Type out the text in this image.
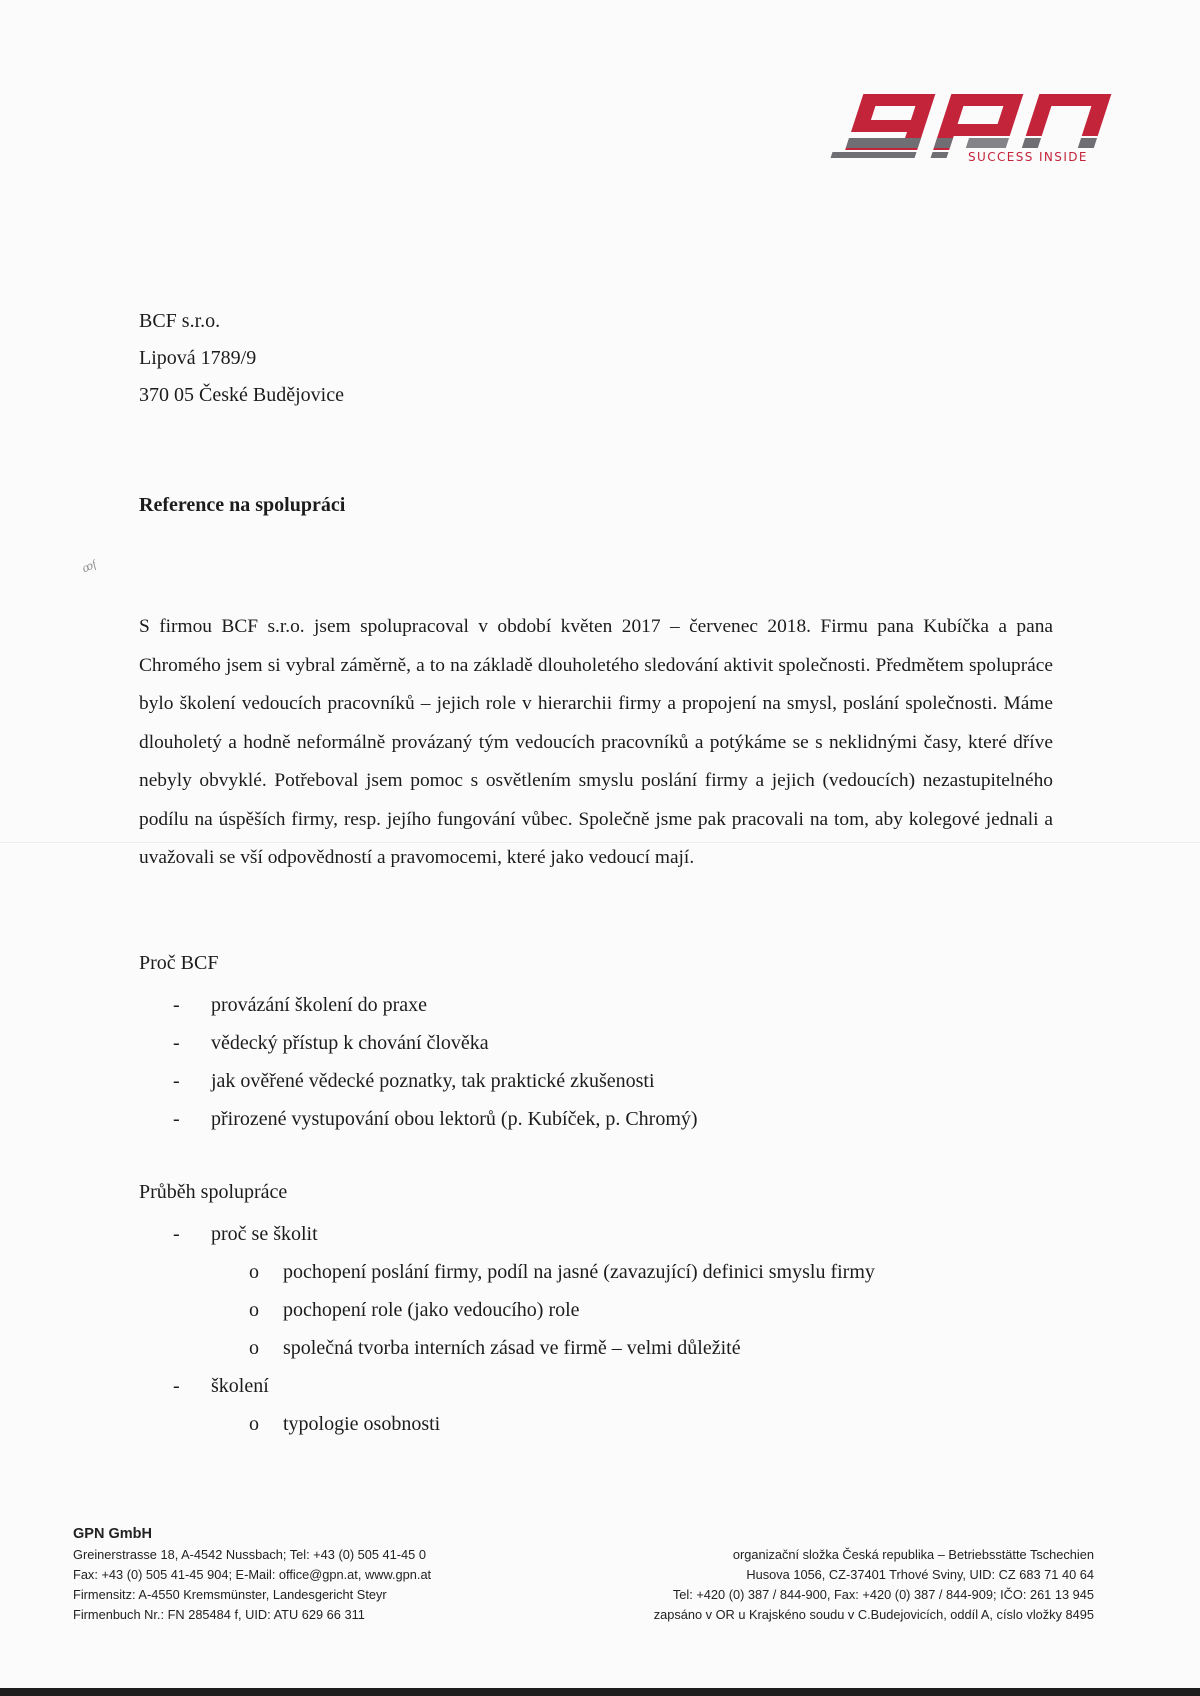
SUCCESS INSIDE
BCF s.r.o.
Lipová 1789/9
370 05 České Budějovice
Reference na spolupráci
ꝏf
S firmou BCF s.r.o. jsem spolupracoval v období květen 2017 – červenec 2018. Firmu pana Kubíčka a pana Chromého jsem si vybral záměrně, a to na základě dlouholetého sledování aktivit společnosti. Předmětem spolupráce bylo školení vedoucích pracovníků – jejich role v hierarchii firmy a propojení na smysl, poslání společnosti. Máme dlouholetý a hodně neformálně provázaný tým vedoucích pracovníků a potýkáme se s neklidnými časy, které dříve nebyly obvyklé. Potřeboval jsem pomoc s osvětlením smyslu poslání firmy a jejich (vedoucích) nezastupitelného podílu na úspěších firmy, resp. jejího fungování vůbec. Společně jsme pak pracovali na tom, aby kolegové jednali a uvažovali se vší odpovědností a pravomocemi, které jako vedoucí mají.
Proč BCF
- provázání školení do praxe
- vědecký přístup k chování člověka
- jak ověřené vědecké poznatky, tak praktické zkušenosti
- přirozené vystupování obou lektorů (p. Kubíček, p. Chromý)
Průběh spolupráce
- proč se školit
o pochopení poslání firmy, podíl na jasné (zavazující) definici smyslu firmy
o pochopení role (jako vedoucího) role
o společná tvorba interních zásad ve firmě – velmi důležité
- školení
o typologie osobnosti
GPN GmbH
Greinerstrasse 18, A-4542 Nussbach; Tel: +43 (0) 505 41-45 0
Fax: +43 (0) 505 41-45 904; E-Mail: office@gpn.at, www.gpn.at
Firmensitz: A-4550 Kremsmünster, Landesgericht Steyr
Firmenbuch Nr.: FN 285484 f, UID: ATU 629 66 311
organizační složka Česká republika – Betriebsstätte Tschechien
Husova 1056, CZ-37401 Trhové Sviny, UID: CZ 683 71 40 64
Tel: +420 (0) 387 / 844-900, Fax: +420 (0) 387 / 844-909; IČO: 261 13 945
zapsáno v OR u Krajskéno soudu v C.Budejovicích, oddíl A, císlo vložky 8495
